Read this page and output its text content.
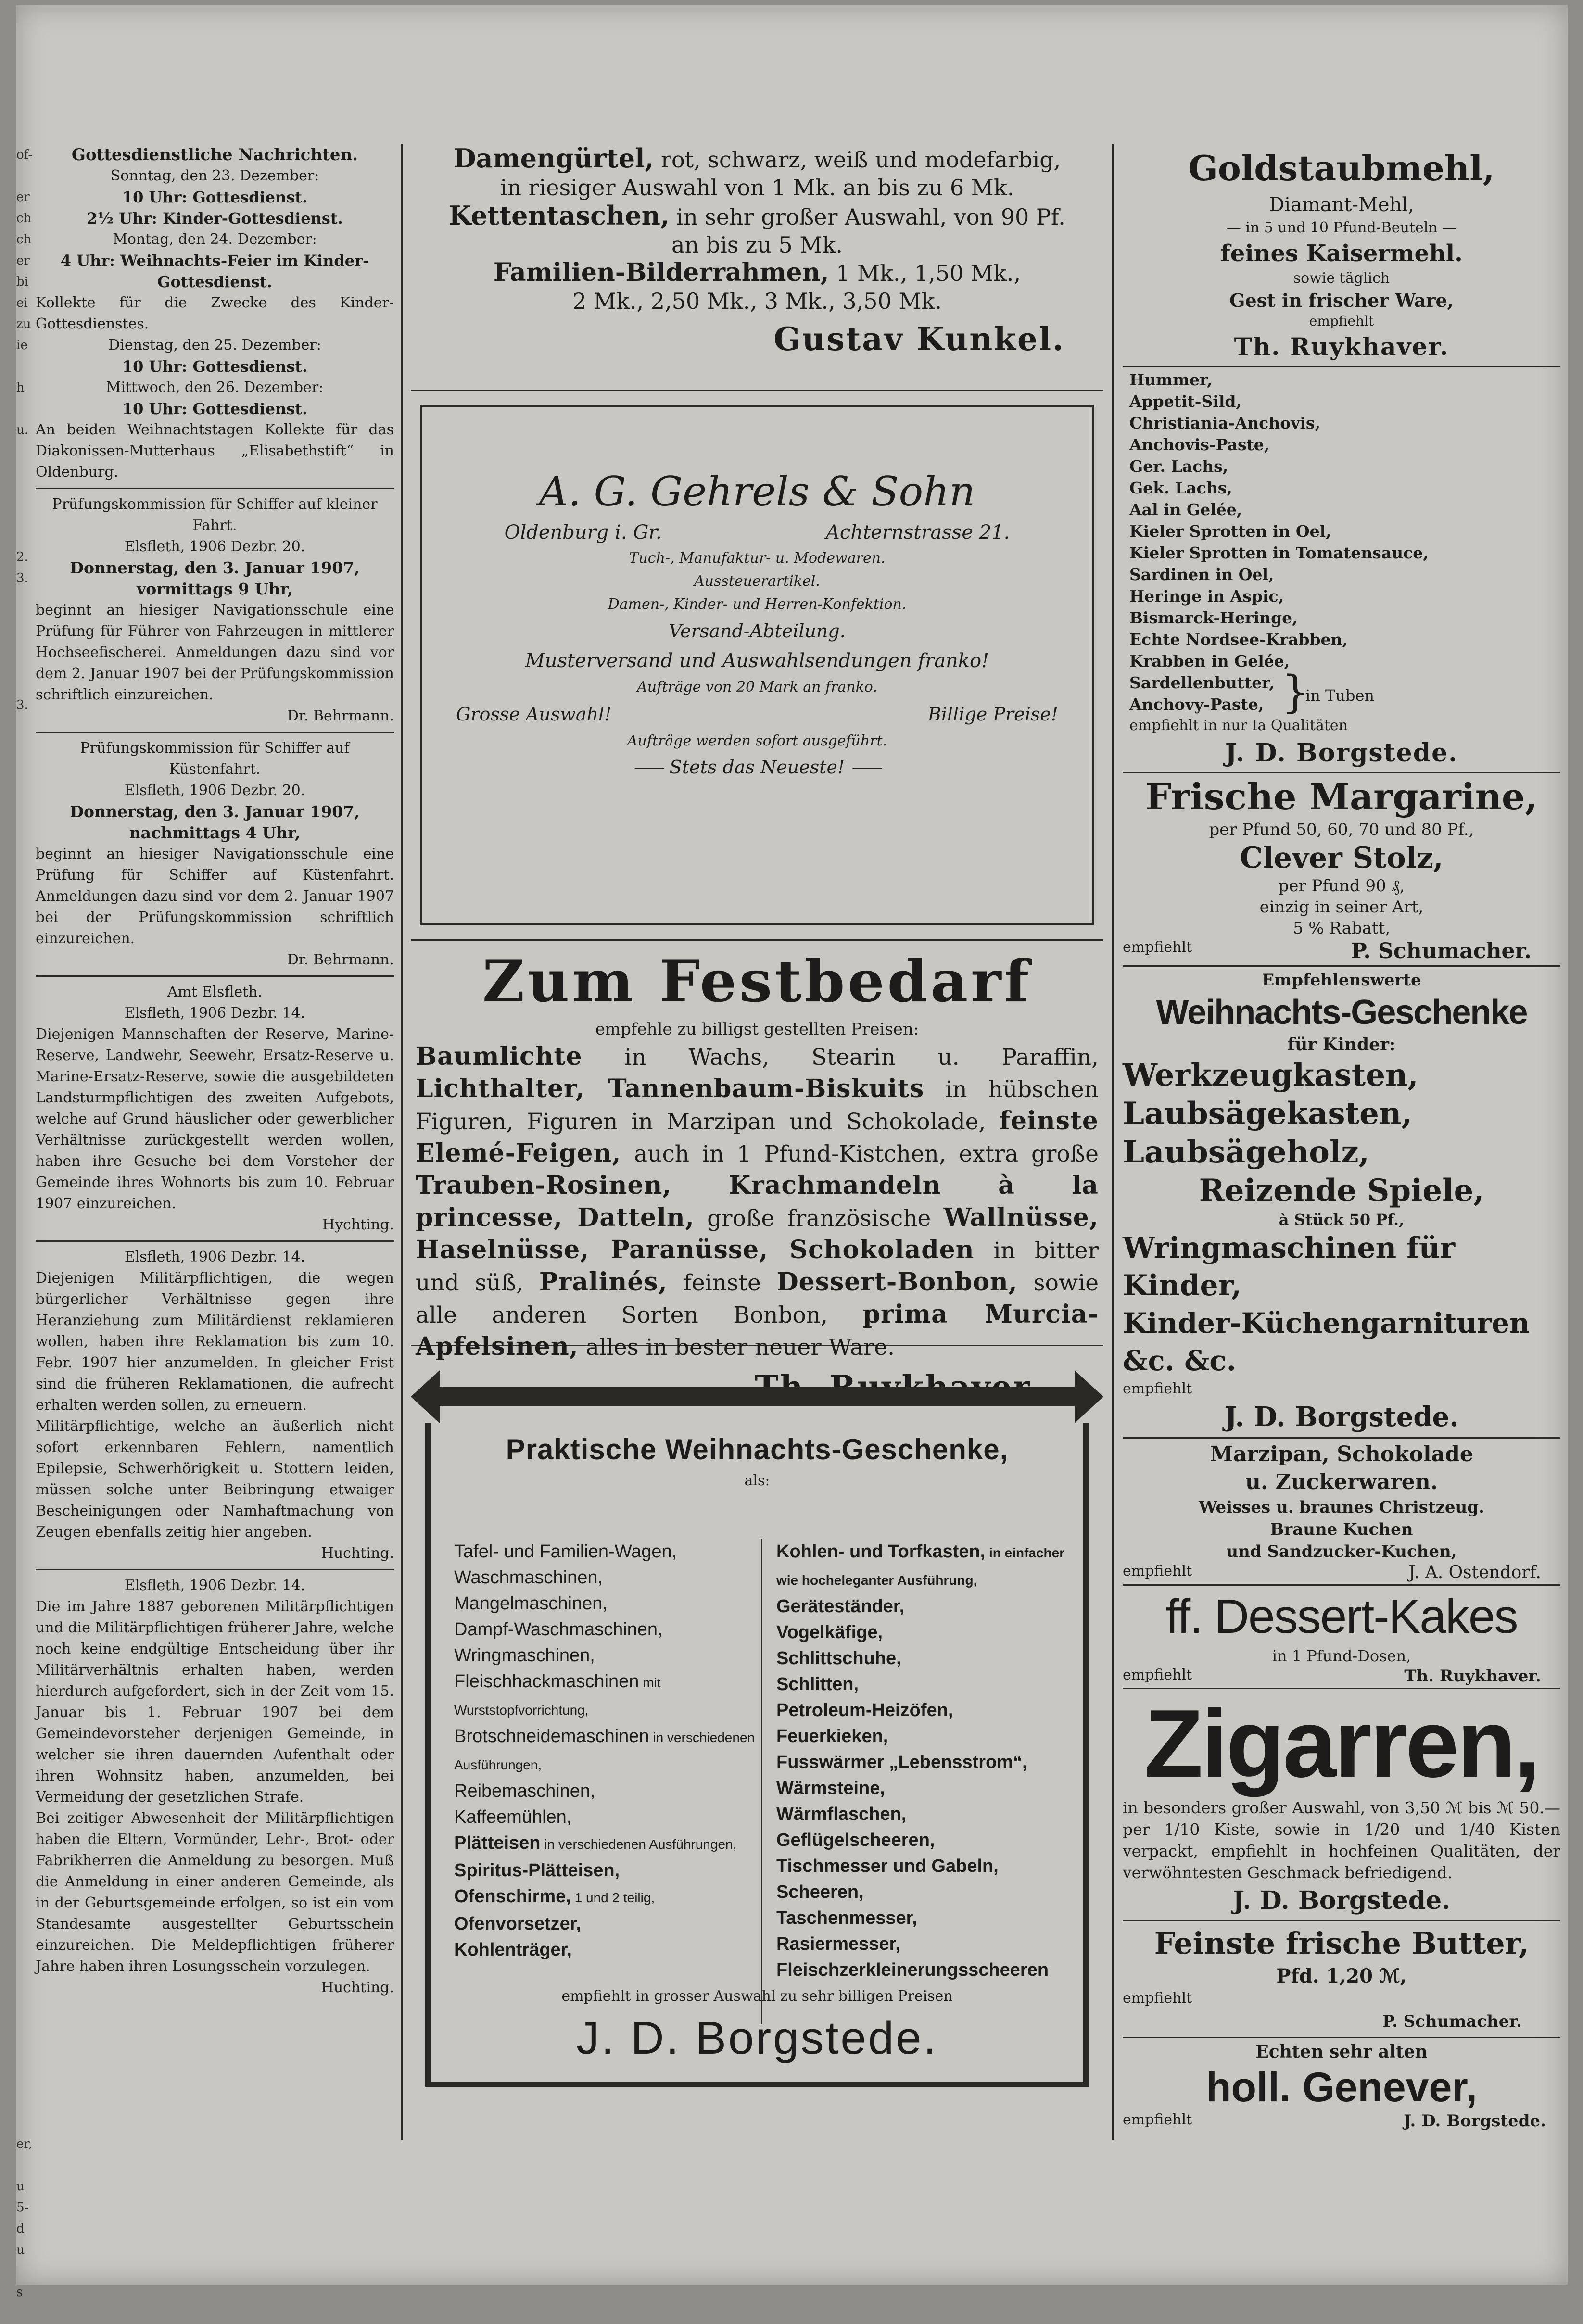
of-

er
ch
ch
er
bi
ei
zu
ie

h

u.

2.
3.

3.

er,

u
5-
d
u

s

Gottesdienstliche Nachrichten.

Sonntag, den 23. Dezember:

10 Uhr: Gottesdienst.

2½ Uhr: Kinder-Gottesdienst.

Montag, den 24. Dezember:

4 Uhr: Weihnachts-Feier im Kinder-Gottesdienst.

Kollekte für die Zwecke des Kinder-Gottesdienstes.

Dienstag, den 25. Dezember:

10 Uhr: Gottesdienst.

Mittwoch, den 26. Dezember:

10 Uhr: Gottesdienst.

An beiden Weihnachtstagen Kollekte für das Diakonissen-Mutterhaus „Elisabethstift“ in Oldenburg.

Prüfungskommission für Schiffer auf kleiner Fahrt.

Elsfleth, 1906 Dezbr. 20.

Donnerstag, den 3. Januar 1907, vormittags 9 Uhr,

beginnt an hiesiger Navigationsschule eine Prüfung für Führer von Fahrzeugen in mittlerer Hochseefischerei. Anmeldungen dazu sind vor dem 2. Januar 1907 bei der Prüfungskommission schriftlich einzureichen.

Dr. Behrmann.

Prüfungskommission für Schiffer auf Küstenfahrt.

Elsfleth, 1906 Dezbr. 20.

Donnerstag, den 3. Januar 1907, nachmittags 4 Uhr,

beginnt an hiesiger Navigationsschule eine Prüfung für Schiffer auf Küstenfahrt. Anmeldungen dazu sind vor dem 2. Januar 1907 bei der Prüfungskommission schriftlich einzureichen.

Dr. Behrmann.

Amt Elsfleth.

Elsfleth, 1906 Dezbr. 14.

Diejenigen Mannschaften der Reserve, Marine-Reserve, Landwehr, Seewehr, Ersatz-Reserve u. Marine-Ersatz-Reserve, sowie die ausgebildeten Landsturmpflichtigen des zweiten Aufgebots, welche auf Grund häuslicher oder gewerblicher Verhältnisse zurückgestellt werden wollen, haben ihre Gesuche bei dem Vorsteher der Gemeinde ihres Wohnorts bis zum 10. Februar 1907 einzureichen.

Hychting.

Elsfleth, 1906 Dezbr. 14.

Diejenigen Militärpflichtigen, die wegen bürgerlicher Verhältnisse gegen ihre Heranziehung zum Militärdienst reklamieren wollen, haben ihre Reklamation bis zum 10. Febr. 1907 hier anzumelden. In gleicher Frist sind die früheren Reklamationen, die aufrecht erhalten werden sollen, zu erneuern.

Militärpflichtige, welche an äußerlich nicht sofort erkennbaren Fehlern, namentlich Epilepsie, Schwerhörigkeit u. Stottern leiden, müssen solche unter Beibringung etwaiger Bescheinigungen oder Namhaftmachung von Zeugen ebenfalls zeitig hier angeben.

Huchting.

Elsfleth, 1906 Dezbr. 14.

Die im Jahre 1887 geborenen Militärpflichtigen und die Militärpflichtigen früherer Jahre, welche noch keine endgültige Entscheidung über ihr Militärverhältnis erhalten haben, werden hierdurch aufgefordert, sich in der Zeit vom 15. Januar bis 1. Februar 1907 bei dem Gemeindevorsteher derjenigen Gemeinde, in welcher sie ihren dauernden Aufenthalt oder ihren Wohnsitz haben, anzumelden, bei Vermeidung der gesetzlichen Strafe.

Bei zeitiger Abwesenheit der Militärpflichtigen haben die Eltern, Vormünder, Lehr-, Brot- oder Fabrikherren die Anmeldung zu besorgen. Muß die Anmeldung in einer anderen Gemeinde, als in der Geburtsgemeinde erfolgen, so ist ein vom Standesamte ausgestellter Geburtsschein einzureichen. Die Meldepflichtigen früherer Jahre haben ihren Losungsschein vorzulegen.

Huchting.

Damengürtel, rot, schwarz, weiß und modefarbig,

in riesiger Auswahl von 1 Mk. an bis zu 6 Mk.

Kettentaschen, in sehr großer Auswahl, von 90 Pf.

an bis zu 5 Mk.

Familien-Bilderrahmen, 1 Mk., 1,50 Mk.,

2 Mk., 2,50 Mk., 3 Mk., 3,50 Mk.

Gustav Kunkel.

A. G. Gehrels & Sohn

Oldenburg i. Gr.	Achternstrasse 21.

Tuch-, Manufaktur- u. Modewaren.

Aussteuerartikel.

Damen-, Kinder- und Herren-Konfektion.

Versand-Abteilung.

Musterversand und Auswahlsendungen franko!

Aufträge von 20 Mark an franko.

Grosse Auswahl!	Billige Preise!

Aufträge werden sofort ausgeführt.

⸺ Stets das Neueste! ⸺

Zum Festbedarf

empfehle zu billigst gestellten Preisen:

Baumlichte in Wachs, Stearin u. Paraffin, Lichthalter, Tannenbaum-Biskuits in hübschen Figuren, Figuren in Marzipan und Schokolade, feinste Elemé-Feigen, auch in 1 Pfund-Kistchen, extra große Trauben-Rosinen, Krachmandeln à la princesse, Datteln, große französische Wallnüsse, Haselnüsse, Paranüsse, Schokoladen in bitter und süß, Pralinés, feinste Dessert-Bonbon, sowie alle anderen Sorten Bonbon, prima Murcia-Apfelsinen, alles in bester neuer Ware.

Praktische Weihnachts-Geschenke,

als:

Tafel- und Familien-Wagen,

Waschmaschinen,

Mangelmaschinen,

Dampf-Waschmaschinen,

Wringmaschinen,

Fleischhackmaschinen mit Wurststopfvorrichtung,

Brotschneidemaschinen in verschiedenen Ausführungen,

Reibemaschinen,

Kaffeemühlen,

Plätteisen in verschiedenen Ausführungen,

Spiritus-Plätteisen,

Ofenschirme, 1 und 2 teilig,

Ofenvorsetzer,

Kohlenträger,

Kohlen- und Torfkasten, in einfacher wie hocheleganter Ausführung,

Geräteständer,

Vogelkäfige,

Schlittschuhe,

Schlitten,

Petroleum-Heizöfen,

Feuerkieken,

Fusswärmer „Lebensstrom“,

Wärmsteine,

Wärmflaschen,

Geflügelscheeren,

Tischmesser und Gabeln,

Scheeren,

Taschenmesser,

Rasiermesser,

Fleischzerkleinerungsscheeren

empfiehlt in grosser Auswahl zu sehr billigen Preisen

J. D. Borgstede.

Goldstaubmehl,

Diamant-Mehl,

— in 5 und 10 Pfund-Beuteln —

feines Kaisermehl.

sowie täglich

Gest in frischer Ware,

empfiehlt

Th. Ruykhaver.

Hummer,

Appetit-Sild,

Christiania-Anchovis,

Anchovis-Paste,

Ger. Lachs,

Gek. Lachs,

Aal in Gelée,

Kieler Sprotten in Oel,

Kieler Sprotten in Tomatensauce,

Sardinen in Oel,

Heringe in Aspic,

Bismarck-Heringe,

Echte Nordsee-Krabben,

Krabben in Gelée,

Sardellenbutter,

Anchovy-Paste, }
in Tuben

empfiehlt in nur Ia Qualitäten

J. D. Borgstede.

Frische Margarine,

per Pfund 50, 60, 70 und 80 Pf.,

Clever Stolz,

per Pfund 90 ₰,

einzig in seiner Art,

5 % Rabatt,

empfiehlt	P. Schumacher.

Empfehlenswerte

Weihnachts-Geschenke

für Kinder:

Werkzeugkasten,

Laubsägekasten,

Laubsägeholz,

Reizende Spiele,

à Stück 50 Pf.,

Wringmaschinen für Kinder,

Kinder-Küchengarnituren &c. &c.

empfiehlt

J. D. Borgstede.

Marzipan, Schokolade

u. Zuckerwaren.

Weisses u. braunes Christzeug.

Braune Kuchen

und Sandzucker-Kuchen,

empfiehlt	J. A. Ostendorf.

ff. Dessert-Kakes

in 1 Pfund-Dosen,

empfiehlt	Th. Ruykhaver.

Zigarren,

in besonders großer Auswahl, von 3,50 ℳ bis ℳ 50.— per 1/10 Kiste, sowie in 1/20 und 1/40 Kisten verpackt, empfiehlt in hochfeinen Qualitäten, der verwöhntesten Geschmack befriedigend.

J. D. Borgstede.

Feinste frische Butter,

Pfd. 1,20 ℳ,

empfiehlt

P. Schumacher.

Echten sehr alten

holl. Genever,

empfiehlt	J. D. Borgstede.
